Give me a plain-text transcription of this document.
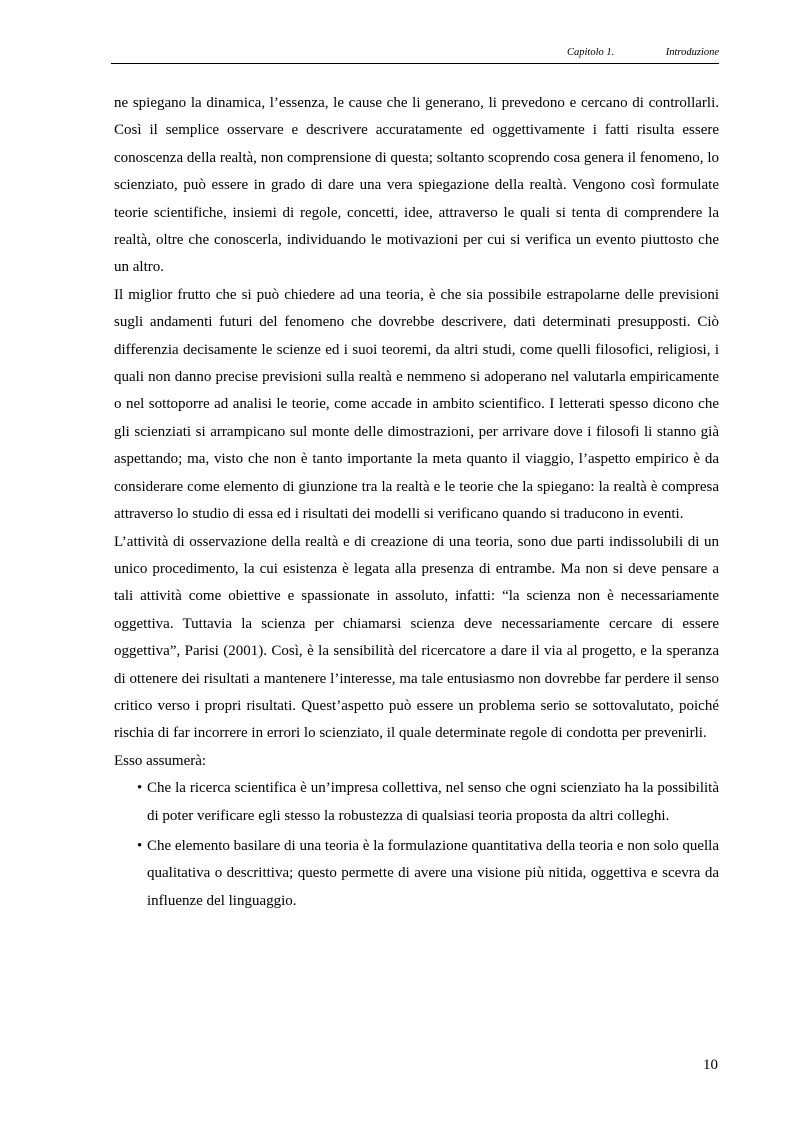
Capitolo 1.	Introduzione

ne spiegano la dinamica, l’essenza, le cause che li generano, li prevedono e cercano di controllarli. Così il semplice osservare e descrivere accuratamente ed oggettivamente i fatti risulta essere conoscenza della realtà, non comprensione di questa; soltanto scoprendo cosa genera il fenomeno, lo scienziato, può essere in grado di dare una vera spiegazione della realtà. Vengono così formulate teorie scientifiche, insiemi di regole, concetti, idee, attraverso le quali si tenta di comprendere la realtà, oltre che conoscerla, individuando le motivazioni per cui si verifica un evento piuttosto che un altro.

Il miglior frutto che si può chiedere ad una teoria, è che sia possibile estrapolarne delle previsioni sugli andamenti futuri del fenomeno che dovrebbe descrivere, dati determinati presupposti. Ciò differenzia decisamente le scienze ed i suoi teoremi, da altri studi, come quelli filosofici, religiosi, i quali non danno precise previsioni sulla realtà e nemmeno si adoperano nel valutarla empiricamente o nel sottoporre ad analisi le teorie, come accade in ambito scientifico. I letterati spesso dicono che gli scienziati si arrampicano sul monte delle dimostrazioni, per arrivare dove i filosofi li stanno già aspettando; ma, visto che non è tanto importante la meta quanto il viaggio, l’aspetto empirico è da considerare come elemento di giunzione tra la realtà e le teorie che la spiegano: la realtà è compresa attraverso lo studio di essa ed i risultati dei modelli si verificano quando si traducono in eventi.

L’attività di osservazione della realtà e di creazione di una teoria, sono due parti indissolubili di un unico procedimento, la cui esistenza è legata alla presenza di entrambe. Ma non si deve pensare a tali attività come obiettive e spassionate in assoluto, infatti: “la scienza non è necessariamente oggettiva. Tuttavia la scienza per chiamarsi scienza deve necessariamente cercare di essere oggettiva”, Parisi (2001). Così, è la sensibilità del ricercatore a dare il via al progetto, e la speranza di ottenere dei risultati a mantenere l’interesse, ma tale entusiasmo non dovrebbe far perdere il senso critico verso i propri risultati. Quest’aspetto può essere un problema serio se sottovalutato, poiché rischia di far incorrere in errori lo scienziato, il quale determinate regole di condotta per prevenirli.

Esso assumerà:

• Che la ricerca scientifica è un’impresa collettiva, nel senso che ogni scienziato ha la possibilità di poter verificare egli stesso la robustezza di qualsiasi teoria proposta da altri colleghi.
• Che elemento basilare di una teoria è la formulazione quantitativa della teoria e non solo quella qualitativa o descrittiva; questo permette di avere una visione più nitida, oggettiva e scevra da influenze del linguaggio.
10
